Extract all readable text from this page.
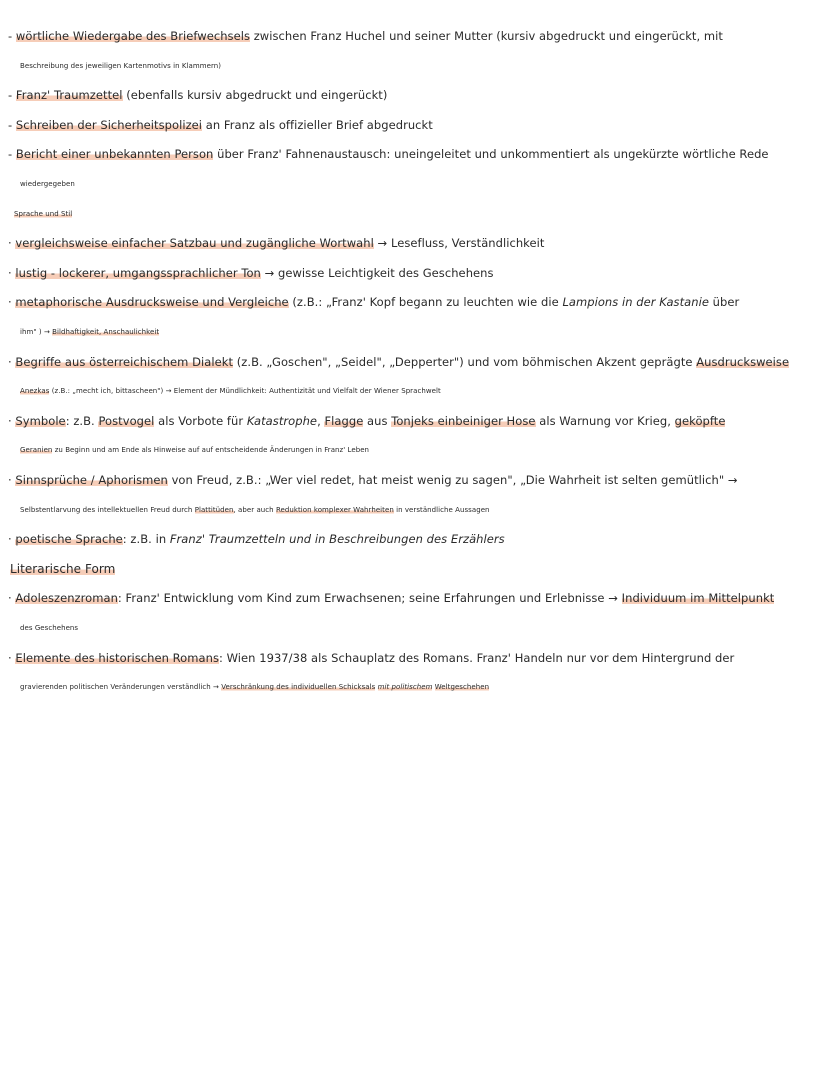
- wörtliche Wiedergabe des Briefwechsels zwischen Franz Huchel und seiner Mutter (kursiv abgedruckt und eingerückt, mit
Beschreibung des jeweiligen Kartenmotivs in Klammern)
- Franz' Traumzettel (ebenfalls kursiv abgedruckt und eingerückt)
- Schreiben der Sicherheitspolizei an Franz als offizieller Brief abgedruckt
- Bericht einer unbekannten Person über Franz' Fahnenaustausch: uneingeleitet und unkommentiert als ungekürzte wörtliche Rede
wiedergegeben
Sprache und Stil
· vergleichsweise einfacher Satzbau und zugängliche Wortwahl → Lesefluss, Verständlichkeit
· lustig - lockerer, umgangssprachlicher Ton → gewisse Leichtigkeit des Geschehens
· metaphorische Ausdrucksweise und Vergleiche (z.B.: „Franz' Kopf begann zu leuchten wie die Lampions in der Kastanie über
ihm" ) → Bildhaftigkeit, Anschaulichkeit
· Begriffe aus österreichischem Dialekt (z.B. „Goschen", „Seidel", „Depperter") und vom böhmischen Akzent geprägte Ausdrucksweise
Anezkas (z.B.: „mecht ich, bittascheen") → Element der Mündlichkeit: Authentizität und Vielfalt der Wiener Sprachwelt
· Symbole: z.B. Postvogel als Vorbote für Katastrophe, Flagge aus Tonjeks einbeiniger Hose als Warnung vor Krieg, geköpfte
Geranien zu Beginn und am Ende als Hinweise auf auf entscheidende Änderungen in Franz' Leben
· Sinnsprüche / Aphorismen von Freud, z.B.: „Wer viel redet, hat meist wenig zu sagen", „Die Wahrheit ist selten gemütlich" →
Selbstentlarvung des intellektuellen Freud durch Plattitüden, aber auch Reduktion komplexer Wahrheiten in verständliche Aussagen
· poetische Sprache: z.B. in Franz' Traumzetteln und in Beschreibungen des Erzählers
Literarische Form
· Adoleszenzroman: Franz' Entwicklung vom Kind zum Erwachsenen; seine Erfahrungen und Erlebnisse → Individuum im Mittelpunkt
des Geschehens
· Elemente des historischen Romans: Wien 1937/38 als Schauplatz des Romans. Franz' Handeln nur vor dem Hintergrund der
gravierenden politischen Veränderungen verständlich → Verschränkung des individuellen Schicksals mit politischem Weltgeschehen
